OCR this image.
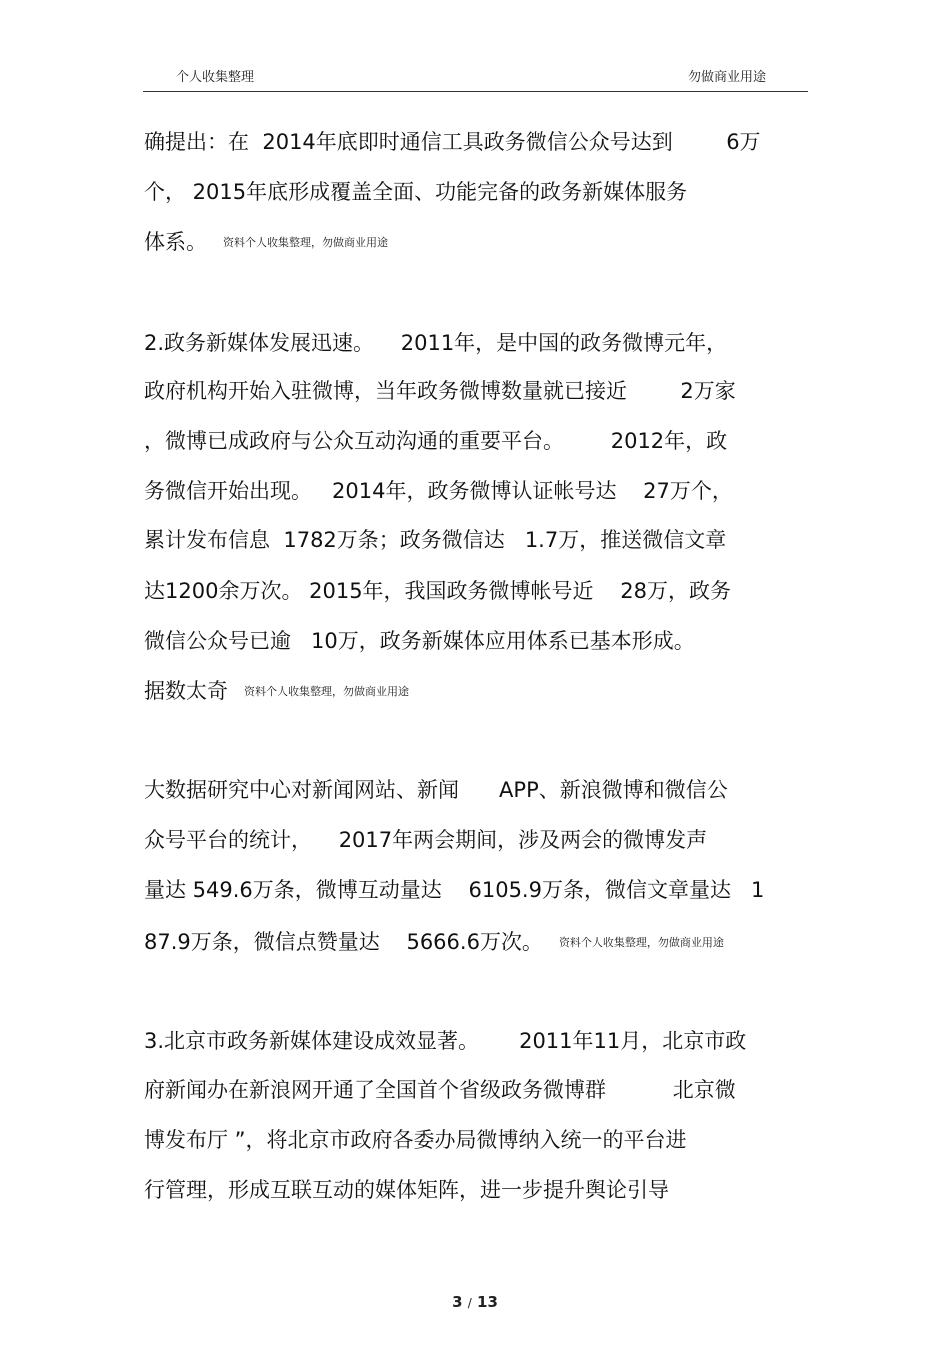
个人收集整理	勿做商业用途
确提出：在  2014年底即时通信工具政务微信公众号达到        6万
个， 2015年底形成覆盖全面、功能完备的政务新媒体服务
体系。 资料个人收集整理，勿做商业用途
2.政务新媒体发展迅速。    2011年，是中国的政务微博元年，
政府机构开始入驻微博，当年政务微博数量就已接近        2万家
，微博已成政府与公众互动沟通的重要平台。       2012年，政
务微信开始出现。   2014年，政务微博认证帐号达    27万个，
累计发布信息  1782万条；政务微信达   1.7万，推送微信文章
达1200余万次。 2015年，我国政务微博帐号近    28万，政务
微信公众号已逾   10万，政务新媒体应用体系已基本形成。
据数太奇 资料个人收集整理，勿做商业用途
大数据研究中心对新闻网站、新闻      APP、新浪微博和微信公
众号平台的统计，    2017年两会期间，涉及两会的微博发声
量达 549.6万条，微博互动量达    6105.9万条，微信文章量达   1
87.9万条，微信点赞量达    5666.6万次。 资料个人收集整理，勿做商业用途
3.北京市政务新媒体建设成效显著。      2011年11月，北京市政
府新闻办在新浪网开通了全国首个省级政务微博群          北京微
博发布厅 ”，将北京市政府各委办局微博纳入统一的平台进
行管理，形成互联互动的媒体矩阵，进一步提升舆论引导
3 / 13
